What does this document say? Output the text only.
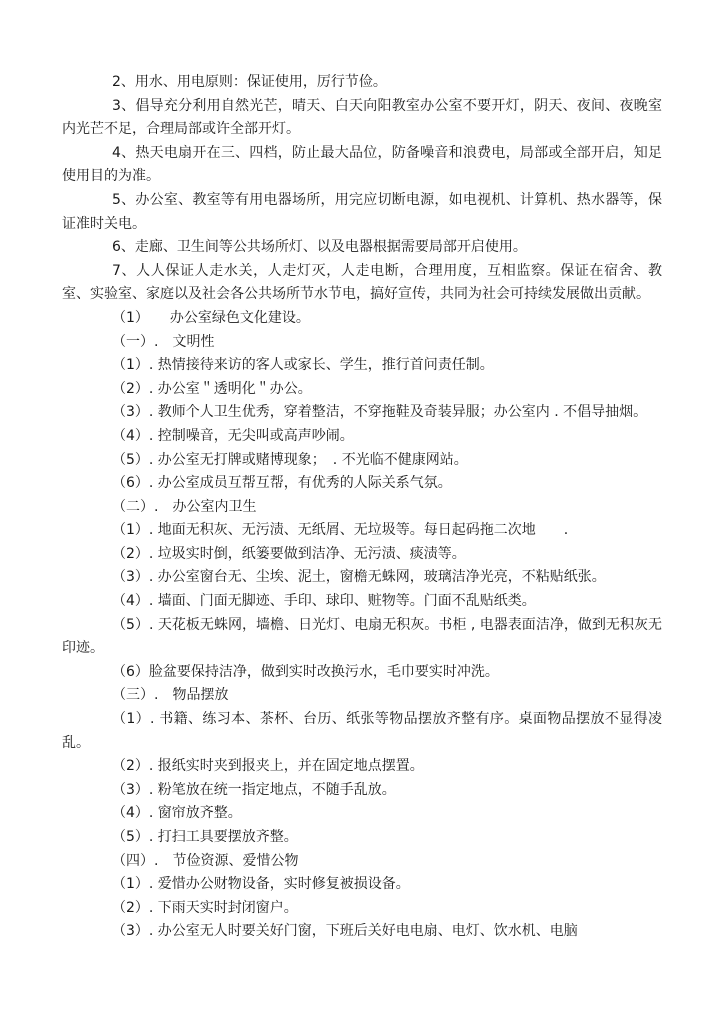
2、用水、用电原则：保证使用，厉行节俭。

3、倡导充分利用自然光芒，晴天、白天向阳教室办公室不要开灯，阴天、夜间、夜晚室内光芒不足，合理局部或许全部开灯。

4、热天电扇开在三、四档，防止最大品位，防备噪音和浪费电，局部或全部开启，知足使用目的为准。

5、办公室、教室等有用电器场所，用完应切断电源，如电视机、计算机、热水器等，保证准时关电。

6、走廊、卫生间等公共场所灯、以及电器根据需要局部开启使用。

7、人人保证人走水关，人走灯灭，人走电断，合理用度，互相监察。保证在宿舍、教室、实验室、家庭以及社会各公共场所节水节电，搞好宣传，共同为社会可持续发展做出贡献。

（1）　　办公室绿色文化建设。

（一）.　文明性

（1）. 热情接待来访的客人或家长、学生，推行首问责任制。

（2）. 办公室＂透明化＂办公。

（3）. 教师个人卫生优秀，穿着整洁，不穿拖鞋及奇装异服；办公室内 . 不倡导抽烟。

（4）. 控制噪音，无尖叫或高声吵闹。

（5）. 办公室无打牌或赌博现象；　. 不光临不健康网站。

（6）. 办公室成员互帮互帮，有优秀的人际关系气氛。

（二）.　办公室内卫生

（1）. 地面无积灰、无污渍、无纸屑、无垃圾等。每日起码拖二次地　　.

（2）. 垃圾实时倒，纸篓要做到洁净、无污渍、痰渍等。

（3）. 办公室窗台无、尘埃、泥土，窗檐无蛛网，玻璃洁净光亮，不粘贴纸张。

（4）. 墙面、门面无脚迹、手印、球印、赃物等。门面不乱贴纸类。

（5）. 天花板无蛛网，墙檐、日光灯、电扇无积灰。书柜 , 电器表面洁净，做到无积灰无印迹。

（6）脸盆要保持洁净，做到实时改换污水，毛巾要实时冲洗。

（三）.　物品摆放

（1）. 书籍、练习本、茶杯、台历、纸张等物品摆放齐整有序。桌面物品摆放不显得凌乱。

（2）. 报纸实时夹到报夹上，并在固定地点摆置。

（3）. 粉笔放在统一指定地点，不随手乱放。

（4）. 窗帘放齐整。

（5）. 打扫工具要摆放齐整。

（四）.　节俭资源、爱惜公物

（1）. 爱惜办公财物设备，实时修复被损设备。

（2）. 下雨天实时封闭窗户。

（3）. 办公室无人时要关好门窗，下班后关好电电扇、电灯、饮水机、电脑
